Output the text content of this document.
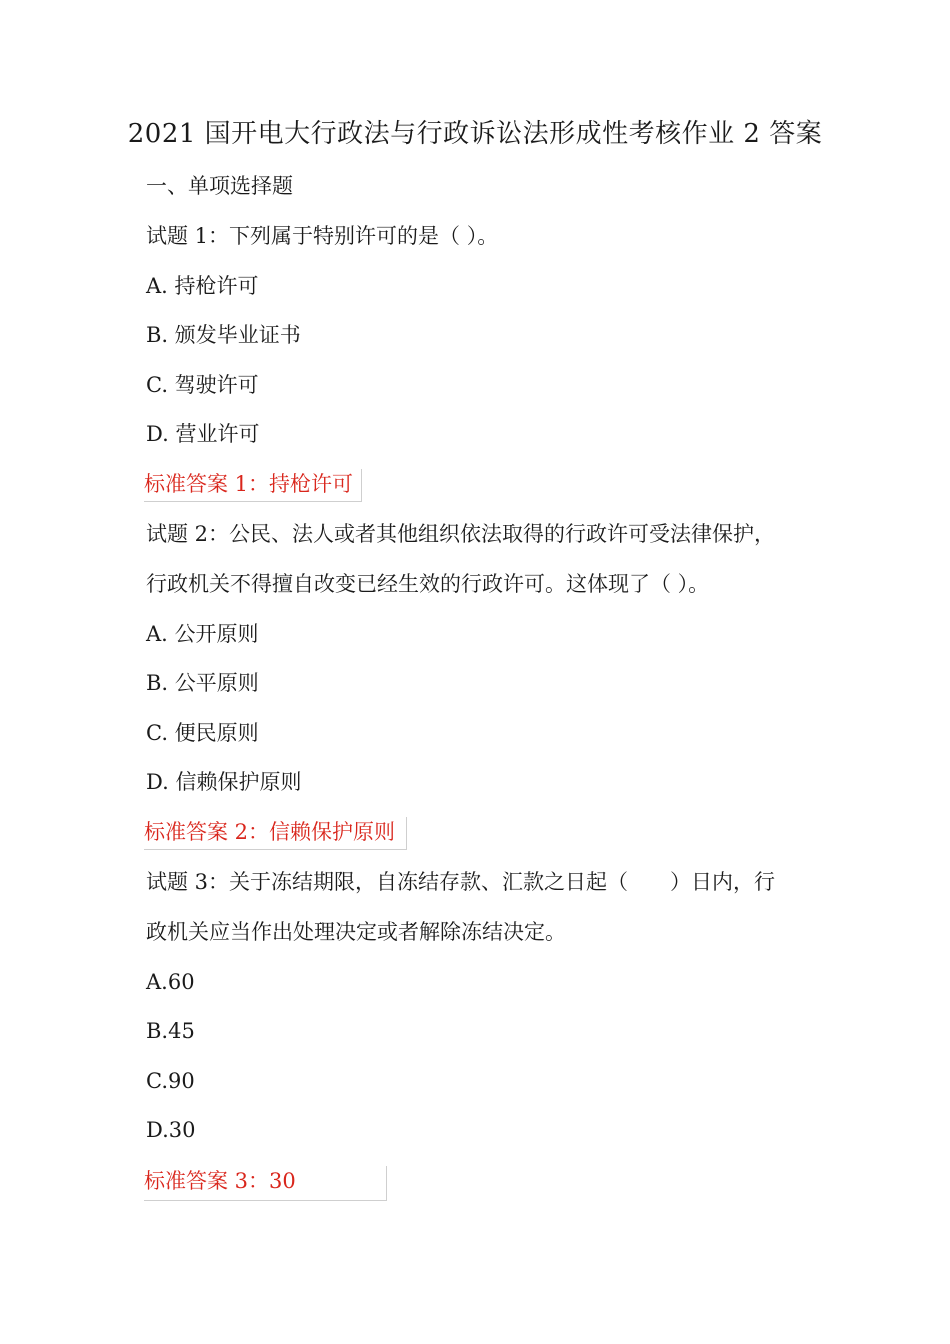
2021 国开电大行政法与行政诉讼法形成性考核作业 2 答案
一、单项选择题
试题 1：下列属于特别许可的是（ ）。
A. 持枪许可
B. 颁发毕业证书
C. 驾驶许可
D. 营业许可
标准答案 1：持枪许可
试题 2：公民、法人或者其他组织依法取得的行政许可受法律保护，
行政机关不得擅自改变已经生效的行政许可。这体现了（ ）。
A. 公开原则
B. 公平原则
C. 便民原则
D. 信赖保护原则
标准答案 2：信赖保护原则
试题 3：关于冻结期限，自冻结存款、汇款之日起（　　）日内，行
政机关应当作出处理决定或者解除冻结决定。
A.60
B.45
C.90
D.30
标准答案 3：30
